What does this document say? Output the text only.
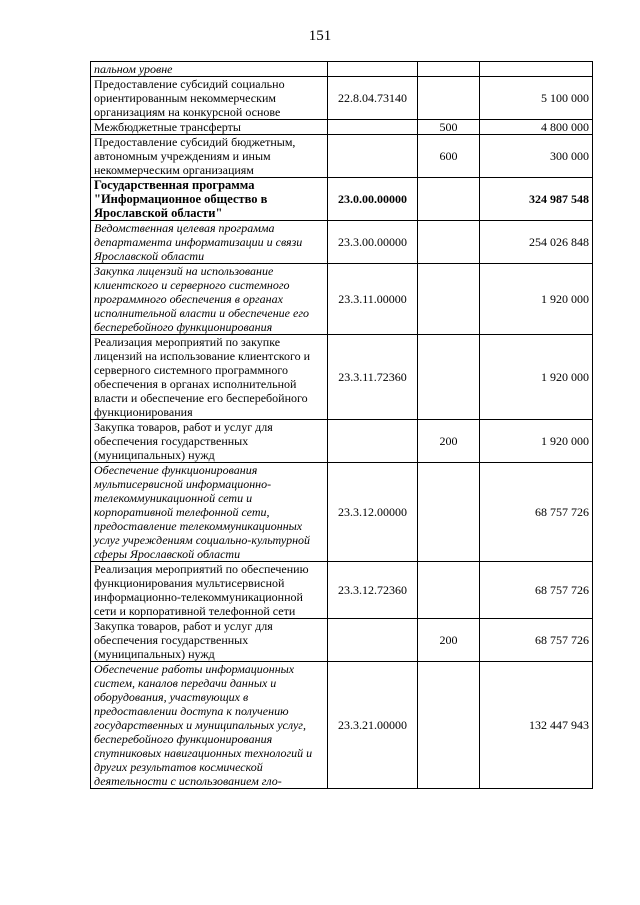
151
пальном уровне			
Предоставление субсидий социально ориентированным некоммерческим организациям на конкурсной основе	22.8.04.73140		5 100 000
Межбюджетные трансферты		500	4 800 000
Предоставление субсидий бюджетным, автономным учреждениям и иным некоммерческим организациям		600	300 000
Государственная программа "Информационное общество в Ярославской области"	23.0.00.00000		324 987 548
Ведомственная целевая программа департамента информатизации и связи Ярославской области	23.3.00.00000		254 026 848
Закупка лицензий на использование клиентского и серверного системного программного обеспечения в органах исполнительной власти и обеспечение его бесперебойного функционирования	23.3.11.00000		1 920 000
Реализация мероприятий по закупке лицензий на использование клиентского и серверного системного программного обеспечения в органах исполнительной власти и обеспечение его бесперебойного функционирования	23.3.11.72360		1 920 000
Закупка товаров, работ и услуг для обеспечения государственных (муниципальных) нужд		200	1 920 000
Обеспечение функционирования мультисервисной информационно-телекоммуникационной сети и корпоративной телефонной сети, предоставление телекоммуникационных услуг учреждениям социально-культурной сферы Ярославской области	23.3.12.00000		68 757 726
Реализация мероприятий по обеспечению функционирования мультисервисной информационно-телекоммуникационной сети и корпоративной телефонной сети	23.3.12.72360		68 757 726
Закупка товаров, работ и услуг для обеспечения государственных (муниципальных) нужд		200	68 757 726
Обеспечение работы информационных систем, каналов передачи данных и оборудования, участвующих в предоставлении доступа к получению государственных и муниципальных услуг, бесперебойного функционирования спутниковых навигационных технологий и других результатов космической деятельности с использованием гло-	23.3.21.00000		132 447 943
